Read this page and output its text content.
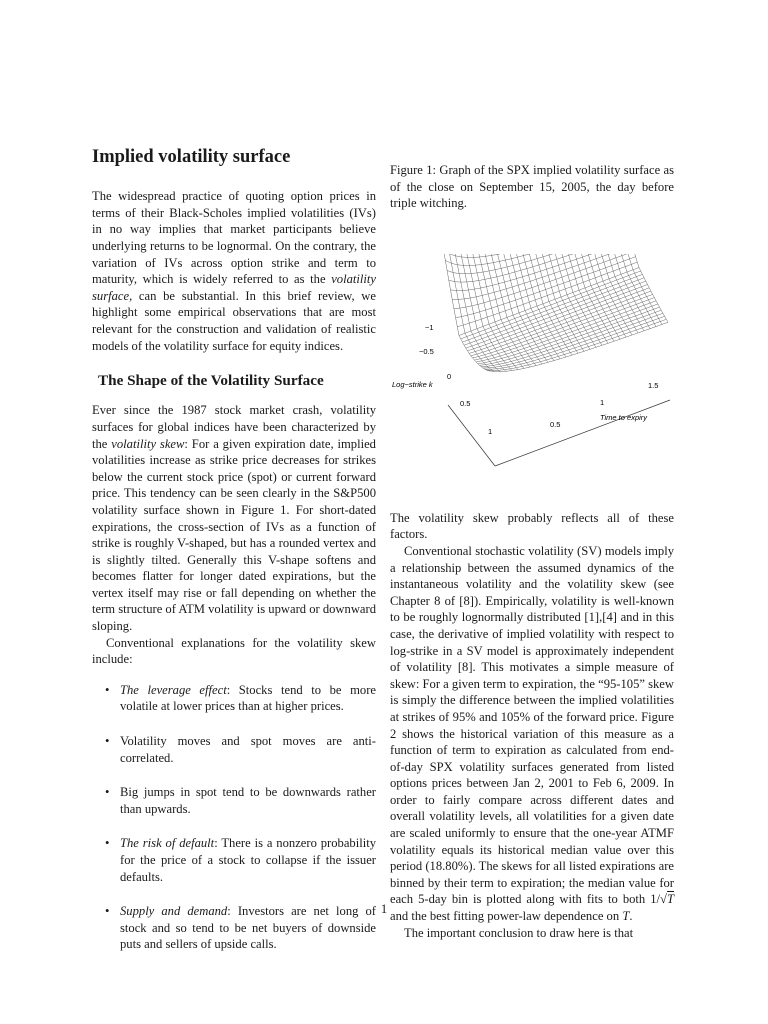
Implied volatility surface

The widespread practice of quoting option prices in terms of their Black-Scholes implied volatilities (IVs) in no way implies that market participants believe underlying returns to be lognormal. On the contrary, the variation of IVs across option strike and term to maturity, which is widely referred to as the volatility surface, can be substantial. In this brief review, we highlight some empirical observations that are most relevant for the construction and validation of realistic models of the volatility surface for equity indices.

The Shape of the Volatility Surface

Ever since the 1987 stock market crash, volatility surfaces for global indices have been characterized by the volatility skew: For a given expiration date, implied volatilities increase as strike price decreases for strikes below the current stock price (spot) or current forward price. This tendency can be seen clearly in the S&P500 volatility surface shown in Figure 1. For short-dated expirations, the cross-section of IVs as a function of strike is roughly V-shaped, but has a rounded vertex and is slightly tilted. Generally this V-shape softens and becomes flatter for longer dated expirations, but the vertex itself may rise or fall depending on whether the term structure of ATM volatility is upward or downward sloping.

Conventional explanations for the volatility skew include:

• The leverage effect: Stocks tend to be more volatile at lower prices than at higher prices.
• Volatility moves and spot moves are anti-correlated.
• Big jumps in spot tend to be downwards rather than upwards.
• The risk of default: There is a nonzero probability for the price of a stock to collapse if the issuer defaults.
• Supply and demand: Investors are net long of stock and so tend to be net buyers of downside puts and sellers of upside calls.

Figure 1: Graph of the SPX implied volatility surface as of the close on September 15, 2005, the day before triple witching.

−1
−0.5
0
0.5
1
Log−strike k
0.5
1
1.5
Time to expiry

The volatility skew probably reflects all of these factors.

Conventional stochastic volatility (SV) models imply a relationship between the assumed dynamics of the instantaneous volatility and the volatility skew (see Chapter 8 of [8]). Empirically, volatility is well-known to be roughly lognormally distributed [1],[4] and in this case, the derivative of implied volatility with respect to log-strike in a SV model is approximately independent of volatility [8]. This motivates a simple measure of skew: For a given term to expiration, the “95-105” skew is simply the difference between the implied volatilities at strikes of 95% and 105% of the forward price. Figure 2 shows the historical variation of this measure as a function of term to expiration as calculated from end-of-day SPX volatility surfaces generated from listed options prices between Jan 2, 2001 to Feb 6, 2009. In order to fairly compare across different dates and overall volatility levels, all volatilities for a given date are scaled uniformly to ensure that the one-year ATMF volatility equals its historical median value over this period (18.80%). The skews for all listed expirations are binned by their term to expiration; the median value for each 5-day bin is plotted along with fits to both 1/√T and the best fitting power-law dependence on T.

The important conclusion to draw here is that

1
